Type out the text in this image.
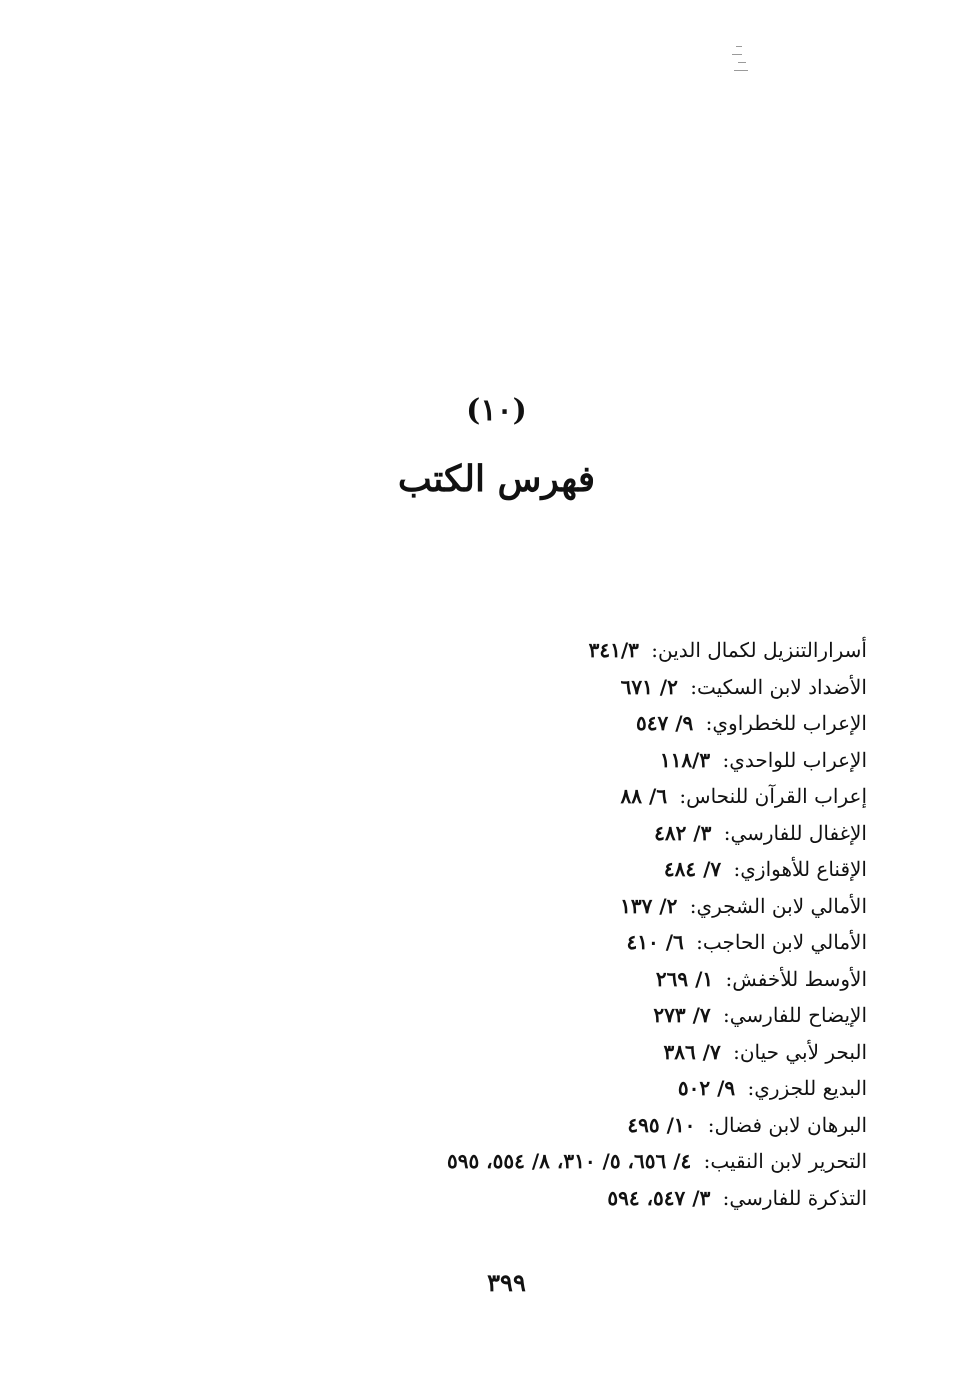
(١٠)
فهرس الكتب
أسرارالتنزيل لكمال الدين: ٣٤١/٣
الأضداد لابن السكيت: ٢/ ٦٧١
الإعراب للخطراوي: ٩/ ٥٤٧
الإعراب للواحدي: ١١٨/٣
إعراب القرآن للنحاس: ٦/ ٨٨
الإغفال للفارسي: ٣/ ٤٨٢
الإقناع للأهوازي: ٧/ ٤٨٤
الأمالي لابن الشجري: ٢/ ١٣٧
الأمالي لابن الحاجب: ٦/ ٤١٠
الأوسط للأخفش: ١/ ٢٦٩
الإيضاح للفارسي: ٧/ ٢٧٣
البحر لأبي حيان: ٧/ ٣٨٦
البديع للجزري: ٩/ ٥٠٢
البرهان لابن فضال: ١٠/ ٤٩٥
التحرير لابن النقيب: ٤/ ٦٥٦، ٥/ ٣١٠، ٨/ ٥٥٤، ٥٩٥
التذكرة للفارسي: ٣/ ٥٤٧، ٥٩٤
٣٩٩
